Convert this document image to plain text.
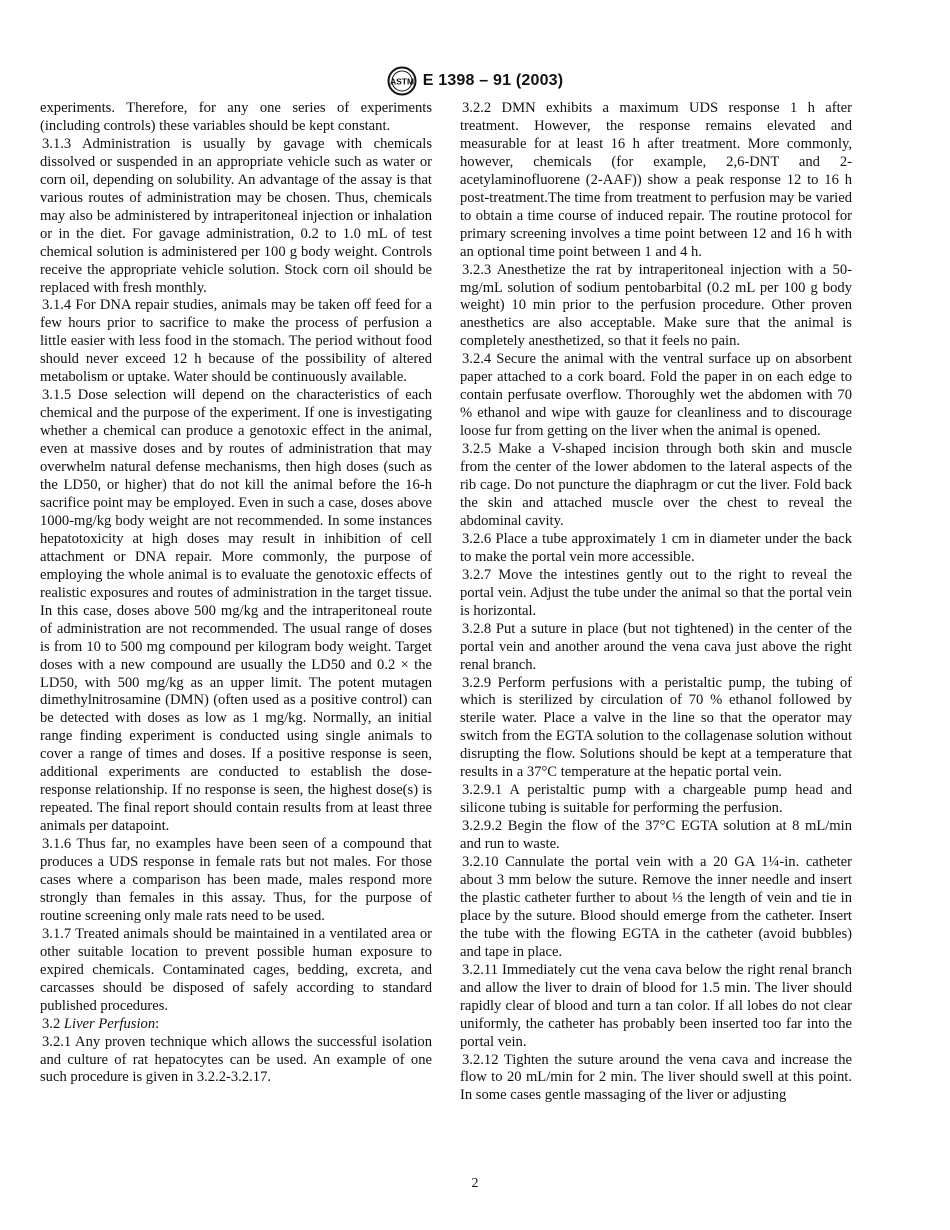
ASTM E 1398 – 91 (2003)

experiments. Therefore, for any one series of experiments (including controls) these variables should be kept constant.

3.1.3 Administration is usually by gavage with chemicals dissolved or suspended in an appropriate vehicle such as water or corn oil, depending on solubility. An advantage of the assay is that various routes of administration may be chosen. Thus, chemicals may also be administered by intraperitoneal injection or inhalation or in the diet. For gavage administration, 0.2 to 1.0 mL of test chemical solution is administered per 100 g body weight. Controls receive the appropriate vehicle solution. Stock corn oil should be replaced with fresh monthly.

3.1.4 For DNA repair studies, animals may be taken off feed for a few hours prior to sacrifice to make the process of perfusion a little easier with less food in the stomach. The period without food should never exceed 12 h because of the possibility of altered metabolism or uptake. Water should be continuously available.

3.1.5 Dose selection will depend on the characteristics of each chemical and the purpose of the experiment. If one is investigating whether a chemical can produce a genotoxic effect in the animal, even at massive doses and by routes of administration that may overwhelm natural defense mechanisms, then high doses (such as the LD50, or higher) that do not kill the animal before the 16-h sacrifice point may be employed. Even in such a case, doses above 1000-mg/kg body weight are not recommended. In some instances hepatotoxicity at high doses may result in inhibition of cell attachment or DNA repair. More commonly, the purpose of employing the whole animal is to evaluate the genotoxic effects of realistic exposures and routes of administration in the target tissue. In this case, doses above 500 mg/kg and the intraperitoneal route of administration are not recommended. The usual range of doses is from 10 to 500 mg compound per kilogram body weight. Target doses with a new compound are usually the LD50 and 0.2 × the LD50, with 500 mg/kg as an upper limit. The potent mutagen dimethylnitrosamine (DMN) (often used as a positive control) can be detected with doses as low as 1 mg/kg. Normally, an initial range finding experiment is conducted using single animals to cover a range of times and doses. If a positive response is seen, additional experiments are conducted to establish the dose-response relationship. If no response is seen, the highest dose(s) is repeated. The final report should contain results from at least three animals per datapoint.

3.1.6 Thus far, no examples have been seen of a compound that produces a UDS response in female rats but not males. For those cases where a comparison has been made, males respond more strongly than females in this assay. Thus, for the purpose of routine screening only male rats need to be used.

3.1.7 Treated animals should be maintained in a ventilated area or other suitable location to prevent possible human exposure to expired chemicals. Contaminated cages, bedding, excreta, and carcasses should be disposed of safely according to standard published procedures.

3.2 Liver Perfusion:

3.2.1 Any proven technique which allows the successful isolation and culture of rat hepatocytes can be used. An example of one such procedure is given in 3.2.2-3.2.17.

3.2.2 DMN exhibits a maximum UDS response 1 h after treatment. However, the response remains elevated and measurable for at least 16 h after treatment. More commonly, however, chemicals (for example, 2,6-DNT and 2-acetylaminofluorene (2-AAF)) show a peak response 12 to 16 h post-treatment.The time from treatment to perfusion may be varied to obtain a time course of induced repair. The routine protocol for primary screening involves a time point between 12 and 16 h with an optional time point between 1 and 4 h.

3.2.3 Anesthetize the rat by intraperitoneal injection with a 50-mg/mL solution of sodium pentobarbital (0.2 mL per 100 g body weight) 10 min prior to the perfusion procedure. Other proven anesthetics are also acceptable. Make sure that the animal is completely anesthetized, so that it feels no pain.

3.2.4 Secure the animal with the ventral surface up on absorbent paper attached to a cork board. Fold the paper in on each edge to contain perfusate overflow. Thoroughly wet the abdomen with 70 % ethanol and wipe with gauze for cleanliness and to discourage loose fur from getting on the liver when the animal is opened.

3.2.5 Make a V-shaped incision through both skin and muscle from the center of the lower abdomen to the lateral aspects of the rib cage. Do not puncture the diaphragm or cut the liver. Fold back the skin and attached muscle over the chest to reveal the abdominal cavity.

3.2.6 Place a tube approximately 1 cm in diameter under the back to make the portal vein more accessible.

3.2.7 Move the intestines gently out to the right to reveal the portal vein. Adjust the tube under the animal so that the portal vein is horizontal.

3.2.8 Put a suture in place (but not tightened) in the center of the portal vein and another around the vena cava just above the right renal branch.

3.2.9 Perform perfusions with a peristaltic pump, the tubing of which is sterilized by circulation of 70 % ethanol followed by sterile water. Place a valve in the line so that the operator may switch from the EGTA solution to the collagenase solution without disrupting the flow. Solutions should be kept at a temperature that results in a 37°C temperature at the hepatic portal vein.

3.2.9.1 A peristaltic pump with a chargeable pump head and silicone tubing is suitable for performing the perfusion.

3.2.9.2 Begin the flow of the 37°C EGTA solution at 8 mL/min and run to waste.

3.2.10 Cannulate the portal vein with a 20 GA 1¼-in. catheter about 3 mm below the suture. Remove the inner needle and insert the plastic catheter further to about ⅓ the length of vein and tie in place by the suture. Blood should emerge from the catheter. Insert the tube with the flowing EGTA in the catheter (avoid bubbles) and tape in place.

3.2.11 Immediately cut the vena cava below the right renal branch and allow the liver to drain of blood for 1.5 min. The liver should rapidly clear of blood and turn a tan color. If all lobes do not clear uniformly, the catheter has probably been inserted too far into the portal vein.

3.2.12 Tighten the suture around the vena cava and increase the flow to 20 mL/min for 2 min. The liver should swell at this point. In some cases gentle massaging of the liver or adjusting

2
